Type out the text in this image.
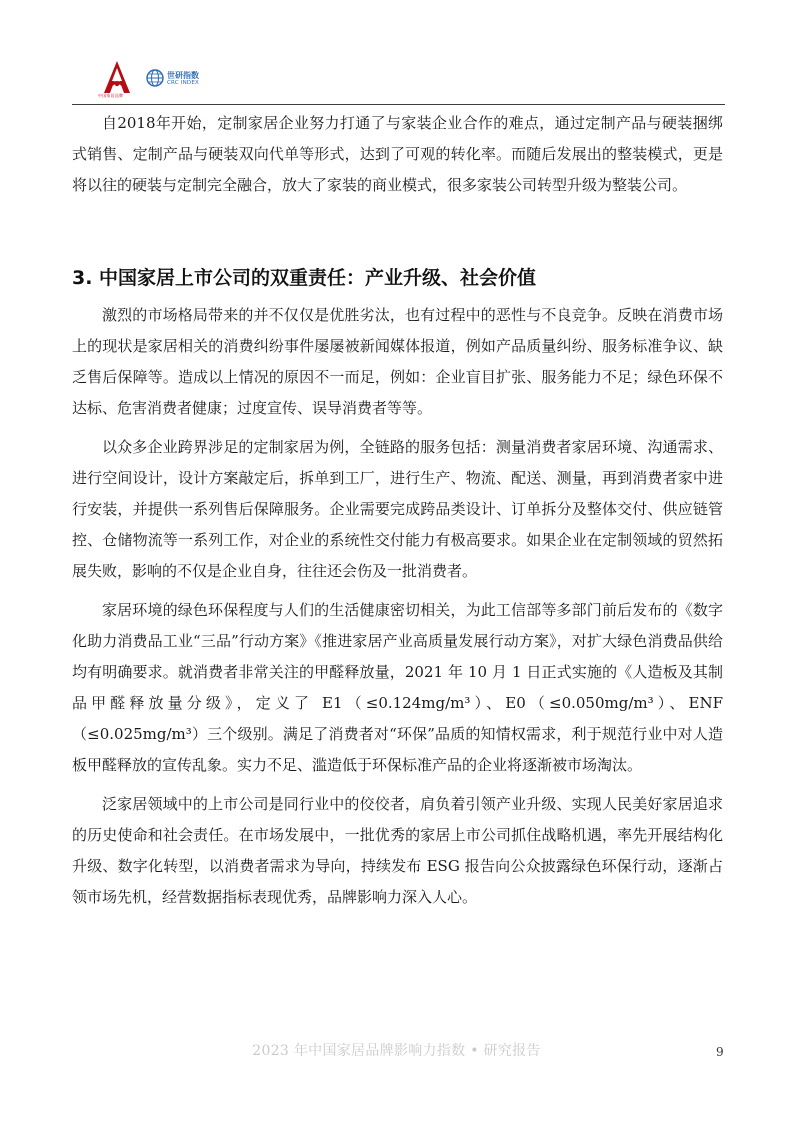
中国家居品牌
世研指数
CRC INDEX

自2018年开始，定制家居企业努力打通了与家装企业合作的难点，通过定制产品与硬装捆绑式销售、定制产品与硬装双向代单等形式，达到了可观的转化率。而随后发展出的整装模式，更是将以往的硬装与定制完全融合，放大了家装的商业模式，很多家装公司转型升级为整装公司。

3. 中国家居上市公司的双重责任：产业升级、社会价值

激烈的市场格局带来的并不仅仅是优胜劣汰，也有过程中的恶性与不良竞争。反映在消费市场上的现状是家居相关的消费纠纷事件屡屡被新闻媒体报道，例如产品质量纠纷、服务标准争议、缺乏售后保障等。造成以上情况的原因不一而足，例如：企业盲目扩张、服务能力不足；绿色环保不达标、危害消费者健康；过度宣传、误导消费者等等。

以众多企业跨界涉足的定制家居为例，全链路的服务包括：测量消费者家居环境、沟通需求、进行空间设计，设计方案敲定后，拆单到工厂，进行生产、物流、配送、测量，再到消费者家中进行安装，并提供一系列售后保障服务。企业需要完成跨品类设计、订单拆分及整体交付、供应链管控、仓储物流等一系列工作，对企业的系统性交付能力有极高要求。如果企业在定制领域的贸然拓展失败，影响的不仅是企业自身，往往还会伤及一批消费者。

家居环境的绿色环保程度与人们的生活健康密切相关，为此工信部等多部门前后发布的《数字化助力消费品工业“三品”行动方案》《推进家居产业高质量发展行动方案》，对扩大绿色消费品供给均有明确要求。就消费者非常关注的甲醛释放量，2021 年 10 月 1 日正式实施的《人造板及其制品甲醛释放量分级》，定义了 E1（≤0.124mg/m³）、E0（≤0.050mg/m³）、ENF（≤0.025mg/m³）三个级别。满足了消费者对“环保”品质的知情权需求，利于规范行业中对人造板甲醛释放的宣传乱象。实力不足、滥造低于环保标准产品的企业将逐渐被市场淘汰。

泛家居领域中的上市公司是同行业中的佼佼者，肩负着引领产业升级、实现人民美好家居追求的历史使命和社会责任。在市场发展中，一批优秀的家居上市公司抓住战略机遇，率先开展结构化升级、数字化转型，以消费者需求为导向，持续发布 ESG 报告向公众披露绿色环保行动，逐渐占领市场先机，经营数据指标表现优秀，品牌影响力深入人心。

2023 年中国家居品牌影响力指数 • 研究报告	9
